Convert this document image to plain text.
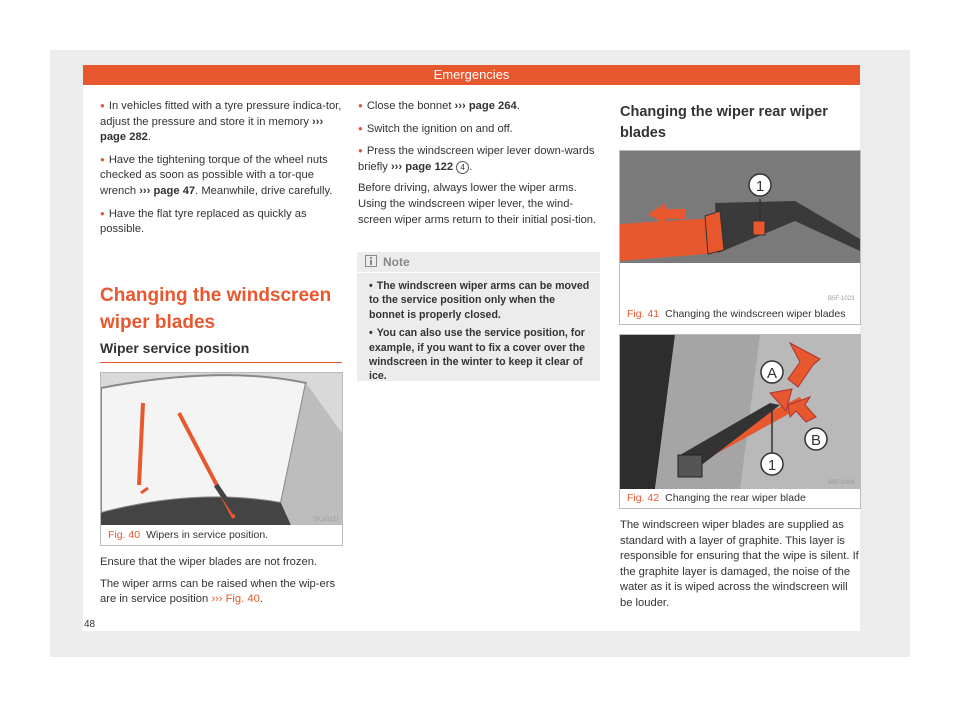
Emergencies

● In vehicles fitted with a tyre pressure indica-tor, adjust the pressure and store it in memory ››› page 282.

● Have the tightening torque of the wheel nuts checked as soon as possible with a tor-que wrench ››› page 47. Meanwhile, drive carefully.

● Have the flat tyre replaced as quickly as possible.

Changing the windscreen
wiper blades
Wiper service position
SKJ-0177
Fig. 40 Wipers in service position.

Ensure that the wiper blades are not frozen.

The wiper arms can be raised when the wip-ers are in service position ››› Fig. 40.

48

● Close the bonnet ››› page 264.

● Switch the ignition on and off.

● Press the windscreen wiper lever down-wards briefly ››› page 122 4 .

Before driving, always lower the wiper arms. Using the windscreen wiper lever, the wind-screen wiper arms return to their initial posi-tion.

Note
• The windscreen wiper arms can be moved to the service position only when the bonnet is properly closed.
• You can also use the service position, for example, if you want to fix a cover over the windscreen in the winter to keep it clear of ice.
Changing the wiper rear wiper
blades
1
B5F-1023
Fig. 41 Changing the windscreen wiper blades
A
B
1
B5F-1024
Fig. 42 Changing the rear wiper blade

The windscreen wiper blades are supplied as standard with a layer of graphite. This layer is responsible for ensuring that the wipe is silent. If the graphite layer is damaged, the noise of the water as it is wiped across the windscreen will be louder.
